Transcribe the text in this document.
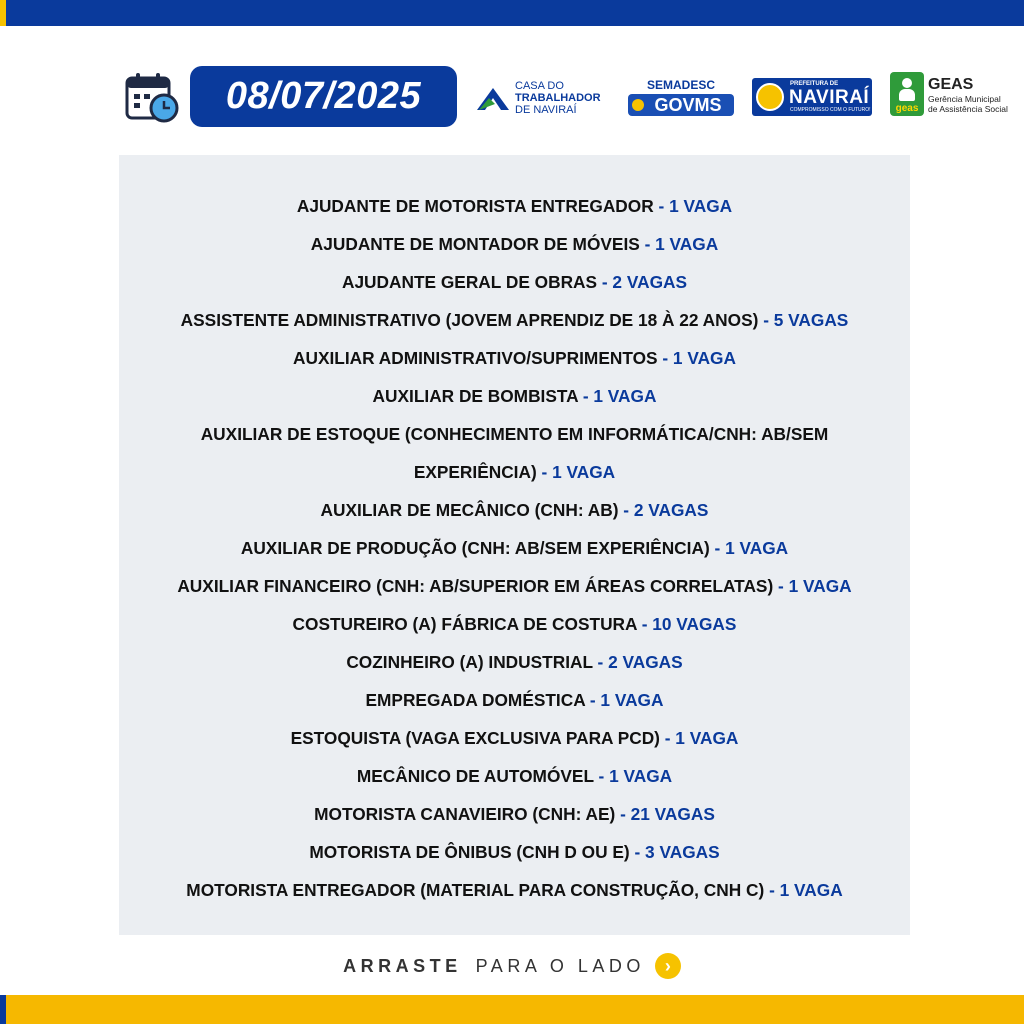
08/07/2025	CASA DO
TRABALHADOR
DE NAVIRAÍ
SEMADESC
GOVMS
PREFEITURA DE
NAVIRAÍ
COMPROMISSO COM O FUTURO!	geas
GEAS
Gerência Municipal
de Assistência Social
AJUDANTE DE MOTORISTA ENTREGADOR - 1 VAGA
AJUDANTE DE MONTADOR DE MÓVEIS - 1 VAGA
AJUDANTE GERAL DE OBRAS - 2 VAGAS
ASSISTENTE ADMINISTRATIVO (JOVEM APRENDIZ DE 18 À 22 ANOS) - 5 VAGAS
AUXILIAR ADMINISTRATIVO/SUPRIMENTOS - 1 VAGA
AUXILIAR DE BOMBISTA - 1 VAGA
AUXILIAR DE ESTOQUE (CONHECIMENTO EM INFORMÁTICA/CNH: AB/SEM EXPERIÊNCIA) - 1 VAGA
AUXILIAR DE MECÂNICO (CNH: AB) - 2 VAGAS
AUXILIAR DE PRODUÇÃO (CNH: AB/SEM EXPERIÊNCIA) - 1 VAGA
AUXILIAR FINANCEIRO (CNH: AB/SUPERIOR EM ÁREAS CORRELATAS) - 1 VAGA
COSTUREIRO (A) FÁBRICA DE COSTURA - 10 VAGAS
COZINHEIRO (A) INDUSTRIAL - 2 VAGAS
EMPREGADA DOMÉSTICA - 1 VAGA
ESTOQUISTA (VAGA EXCLUSIVA PARA PCD) - 1 VAGA
MECÂNICO DE AUTOMÓVEL - 1 VAGA
MOTORISTA CANAVIEIRO (CNH: AE) - 21 VAGAS
MOTORISTA DE ÔNIBUS (CNH D OU E) - 3 VAGAS
MOTORISTA ENTREGADOR (MATERIAL PARA CONSTRUÇÃO, CNH C) - 1 VAGA
ARRASTE PARA O LADO	›
